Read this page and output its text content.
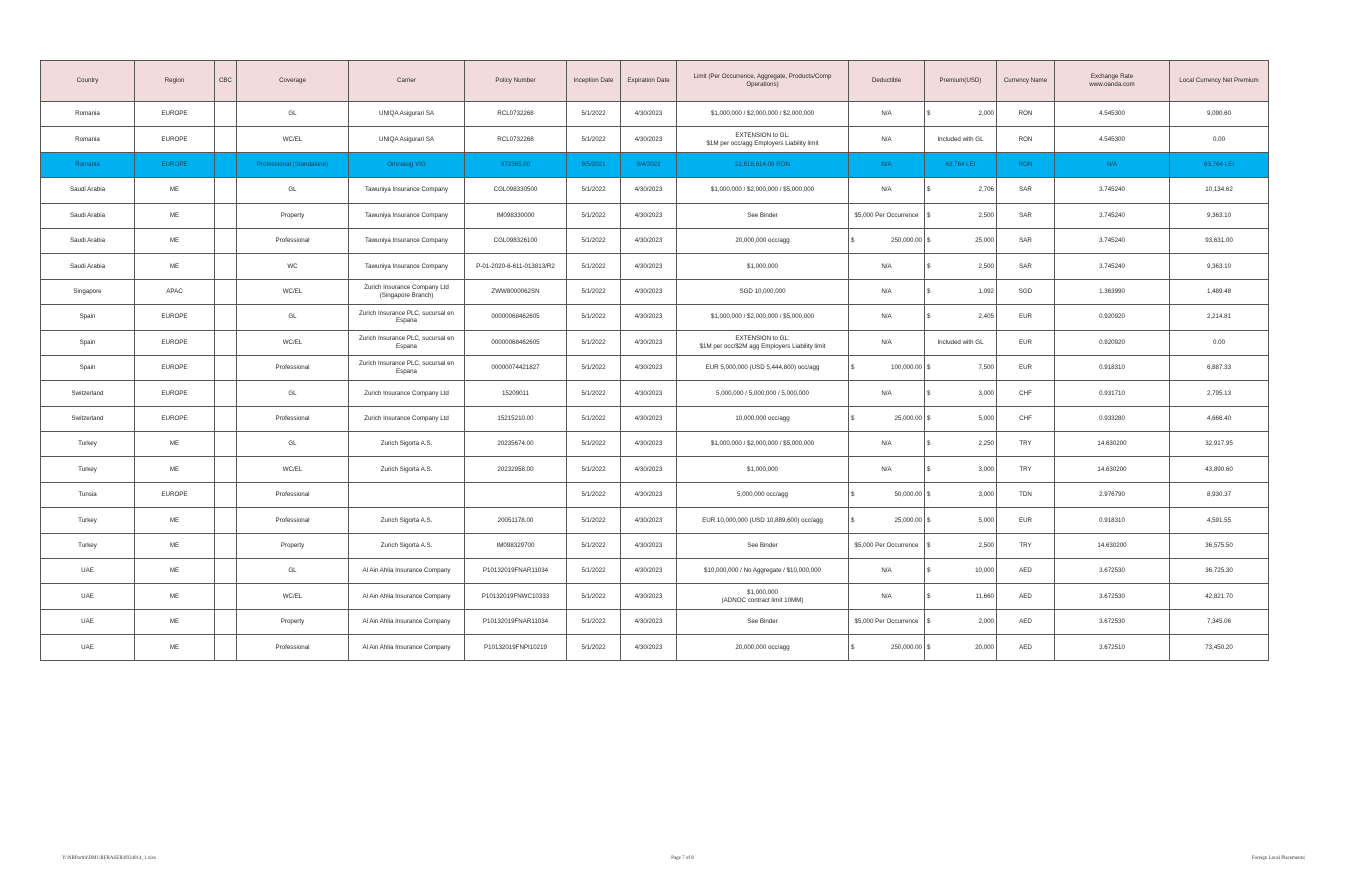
Country	Region	CBC	Coverage	Carrier	Policy Number	Inception Date	Expiration Date	Limit (Per Occurrence, Aggregate, Products/Comp Operations)	Deductible	Premium(USD)	Currency Name	Exchange Rate
www.oanda.com	Local Currency Net Premium
Romania	EUROPE		GL	UNIQA Asigurari SA	RCL0732268	5/1/2022	4/30/2023	$1,000,000 / $2,000,000 / $2,000,000	N/A	$ 2,000	RON	4.545300	9,090.60
Romania	EUROPE		WC/EL	UNIQA Asigurari SA	RCL0732268	5/1/2022	4/30/2023	EXTENSION to GL:
$1M per occ/agg Employers Liability limit	N/A	Included with GL	RON	4.545300	0.00
Romania	EUROPE		Professional (Standalone)	Omniasig VIG	972365.00	9/5/2021	9/4/2022	22,618,614.06 RON	N/A	63,764 LEI	RON	N/A	63,764 LEI
Saudi Arabia	ME		GL	Tawuniya Insurance Company	CGL098330500	5/1/2022	4/30/2023	$1,000,000 / $2,000,000 / $5,000,000	N/A	$ 2,706	SAR	3.745240	10,134.62
Saudi Arabia	ME		Property	Tawuniya Insurance Company	IM098330000	5/1/2022	4/30/2023	See Binder	$5,000 Per Occurrence	$ 2,500	SAR	3.745240	9,363.10
Saudi Arabia	ME		Professional	Tawuniya Insurance Company	CGL098326100	5/1/2022	4/30/2023	20,000,000 occ/agg	$ 250,000.00	$ 25,000	SAR	3.745240	93,631.00
Saudi Arabia	ME		WC	Tawuniya Insurance Company	P-01-2020-6-611-013813/R2	5/1/2022	4/30/2023	$1,000,000	N/A	$ 2,500	SAR	3.745240	9,363.10
Singapore	APAC		WC/EL	Zurich Insurance Company Ltd (Singapore Branch)	ZWW8000062SN	5/1/2022	4/30/2023	SGD 10,000,000	N/A	$ 1,092	SGD	1.363990	1,489.48
Spain	EUROPE		GL	Zurich Insurance PLC, sucursal en Espana	00000068462605	5/1/2022	4/30/2023	$1,000,000 / $2,000,000 / $5,000,000	N/A	$ 2,405	EUR	0.920920	2,214.81
Spain	EUROPE		WC/EL	Zurich Insurance PLC, sucursal en Espana	00000068462605	5/1/2022	4/30/2023	EXTENSION to GL:
$1M per occ/$2M agg Employers Liability limit	N/A	Included with GL	EUR	0.920920	0.00
Spain	EUROPE		Professional	Zurich Insurance PLC, sucursal en Espana	00000074421827	5/1/2022	4/30/2023	EUR 5,000,000 (USD 5,444,800) occ/agg	$ 100,000.00	$ 7,500	EUR	0.918310	6,887.33
Switzerland	EUROPE		GL	Zurich Insurance Company Ltd	15209011	5/1/2022	4/30/2023	5,000,000 / 5,000,000 / 5,000,000	N/A	$ 3,000	CHF	0.931710	2,795.13
Switzerland	EUROPE		Professional	Zurich Insurance Company Ltd	15215210.00	5/1/2022	4/30/2023	10,000,000 occ/agg	$ 25,000.00	$ 5,000	CHF	0.933280	4,666.40
Turkey	ME		GL	Zurich Sigorta A.S.	20235674.00	5/1/2022	4/30/2023	$1,000,000 / $2,000,000 / $5,000,000	N/A	$ 2,250	TRY	14.630200	32,917.95
Turkey	ME		WC/EL	Zurich Sigorta A.S.	20232958.00	5/1/2022	4/30/2023	$1,000,000	N/A	$ 3,000	TRY	14.630200	43,890.60
Tunsia	EUROPE		Professional			5/1/2022	4/30/2023	5,000,000 occ/agg	$ 50,000.00	$ 3,000	TDN	2.976790	8,930.37
Turkey	ME		Professional	Zurich Sigorta A.S.	20051178.00	5/1/2022	4/30/2023	EUR 10,000,000 (USD 10,889,600) occ/agg	$ 25,000.00	$ 5,000	EUR	0.918310	4,591.55
Turkey	ME		Property	Zurich Sigorta A.S.	IM098329700	5/1/2022	4/30/2023	See Binder	$5,000 Per Occurrence	$ 2,500	TRY	14.630200	36,575.50
UAE	ME		GL	Al Ain Ahlia Insurance Company	P10132019FNAR11034	5/1/2022	4/30/2023	$10,000,000 / No Aggregate / $10,000,000	N/A	$ 10,000	AED	3.672530	36,725.30
UAE	ME		WC/EL	Al Ain Ahlia Insurance Company	P10132019FNWC10333	5/1/2022	4/30/2023	$1,000,000
(ADNOC contract limit 10MM)	N/A	$ 11,660	AED	3.672530	42,821.70
UAE	ME		Property	Al Ain Ahlia Insurance Company	P10132019FNAR11034	5/1/2022	4/30/2023	See Binder	$5,000 Per Occurrence	$ 2,000	AED	3.672530	7,345.06
UAE	ME		Professional	Al Ain Ahlia Insurance Company	P10132019FNPI10219	5/1/2022	4/30/2023	20,000,000 occ/agg	$ 250,000.00	$ 20,000	AED	3.672510	73,450.20
Y:\NRPortbl\DM1\RFRASER\8934014_1.xlsx	Page 7 of 8	Foreign Local Placements|
